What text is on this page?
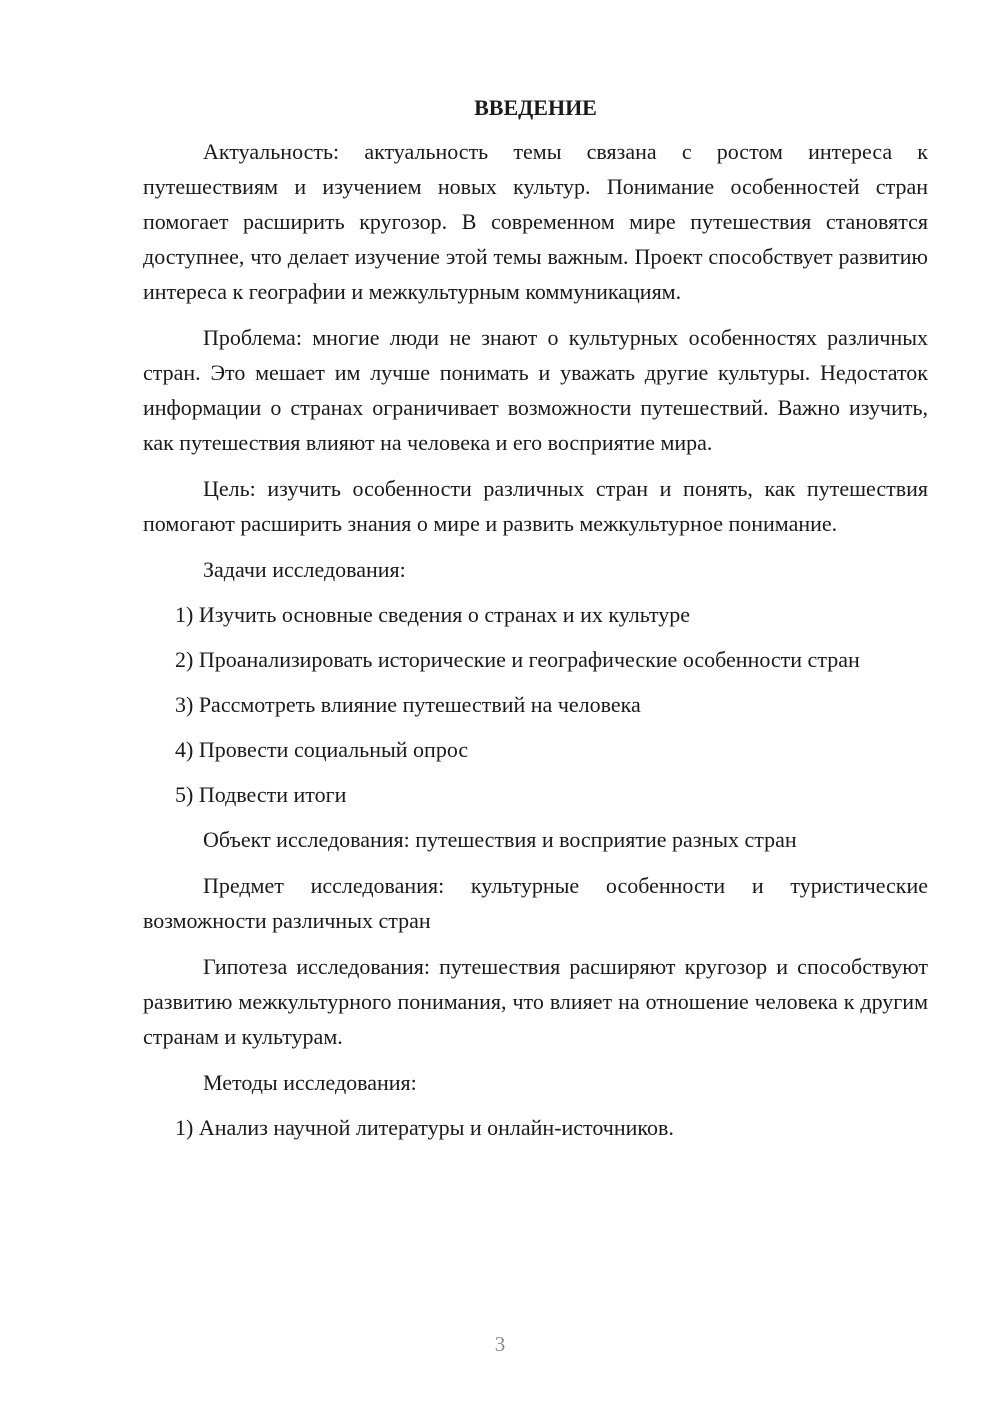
ВВЕДЕНИЕ

Актуальность: актуальность темы связана с ростом интереса к путешествиям и изучением новых культур. Понимание особенностей стран помогает расширить кругозор. В современном мире путешествия становятся доступнее, что делает изучение этой темы важным. Проект способствует развитию интереса к географии и межкультурным коммуникациям.

Проблема: многие люди не знают о культурных особенностях различных стран. Это мешает им лучше понимать и уважать другие культуры. Недостаток информации о странах ограничивает возможности путешествий. Важно изучить, как путешествия влияют на человека и его восприятие мира.

Цель: изучить особенности различных стран и понять, как путешествия помогают расширить знания о мире и развить межкультурное понимание.

Задачи исследования:

1) Изучить основные сведения о странах и их культуре

2) Проанализировать исторические и географические особенности стран

3) Рассмотреть влияние путешествий на человека

4) Провести социальный опрос

5) Подвести итоги

Объект исследования: путешествия и восприятие разных стран

Предмет исследования: культурные особенности и туристические возможности различных стран

Гипотеза исследования: путешествия расширяют кругозор и способствуют развитию межкультурного понимания, что влияет на отношение человека к другим странам и культурам.

Методы исследования:

1) Анализ научной литературы и онлайн-источников.

3
